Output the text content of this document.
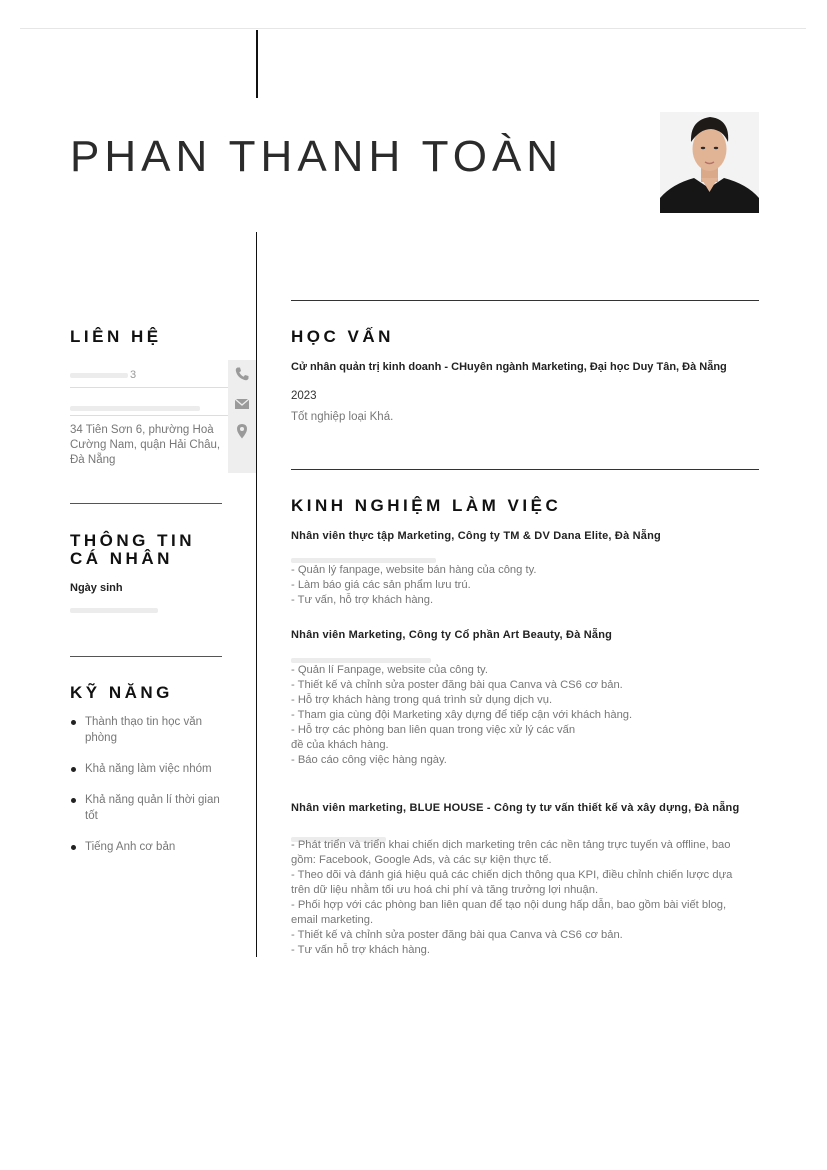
PHAN THANH TOÀN
LIÊN HỆ
3
34 Tiên Sơn 6, phường Hoà Cường Nam, quận Hải Châu, Đà Nẵng
THÔNG TIN
CÁ NHÂN
Ngày sinh
KỸ NĂNG
Thành thạo tin học văn phòng
Khả năng làm việc nhóm
Khả năng quản lí thời gian tốt
Tiếng Anh cơ bản
HỌC VẤN
Cử nhân quản trị kinh doanh - CHuyên ngành Marketing, Đại học Duy Tân, Đà Nẵng
2023
Tốt nghiệp loại Khá.
KINH NGHIỆM LÀM VIỆC
Nhân viên thực tập Marketing, Công ty TM & DV Dana Elite, Đà Nẵng
- Quản lý fanpage, website bán hàng của công ty.
- Làm báo giá các sản phẩm lưu trú.
- Tư vấn, hỗ trợ khách hàng.
Nhân viên Marketing, Công ty Cổ phần Art Beauty, Đà Nẵng
- Quản lí Fanpage, website của công ty.
- Thiết kế và chỉnh sửa poster đăng bài qua Canva và CS6 cơ bản.
- Hỗ trợ khách hàng trong quá trình sử dụng dịch vụ.
- Tham gia cùng đội Marketing xây dựng để tiếp cận với khách hàng.
- Hỗ trợ các phòng ban liên quan trong việc xử lý các vấn
đề của khách hàng.
- Báo cáo công việc hàng ngày.
Nhân viên marketing, BLUE HOUSE - Công ty tư vấn thiết kế và xây dựng, Đà nẵng
- Phát triển và triển khai chiến dịch marketing trên các nền tảng trực tuyến và offline, bao
gồm: Facebook, Google Ads, và các sự kiện thực tế.
- Theo dõi và đánh giá hiệu quả các chiến dịch thông qua KPI, điều chỉnh chiến lược dựa
trên dữ liệu nhằm tối ưu hoá chi phí và tăng trưởng lợi nhuận.
- Phối hợp với các phòng ban liên quan để tạo nội dung hấp dẫn, bao gồm bài viết blog,
email marketing.
- Thiết kế và chỉnh sửa poster đăng bài qua Canva và CS6 cơ bản.
- Tư vấn hỗ trợ khách hàng.
